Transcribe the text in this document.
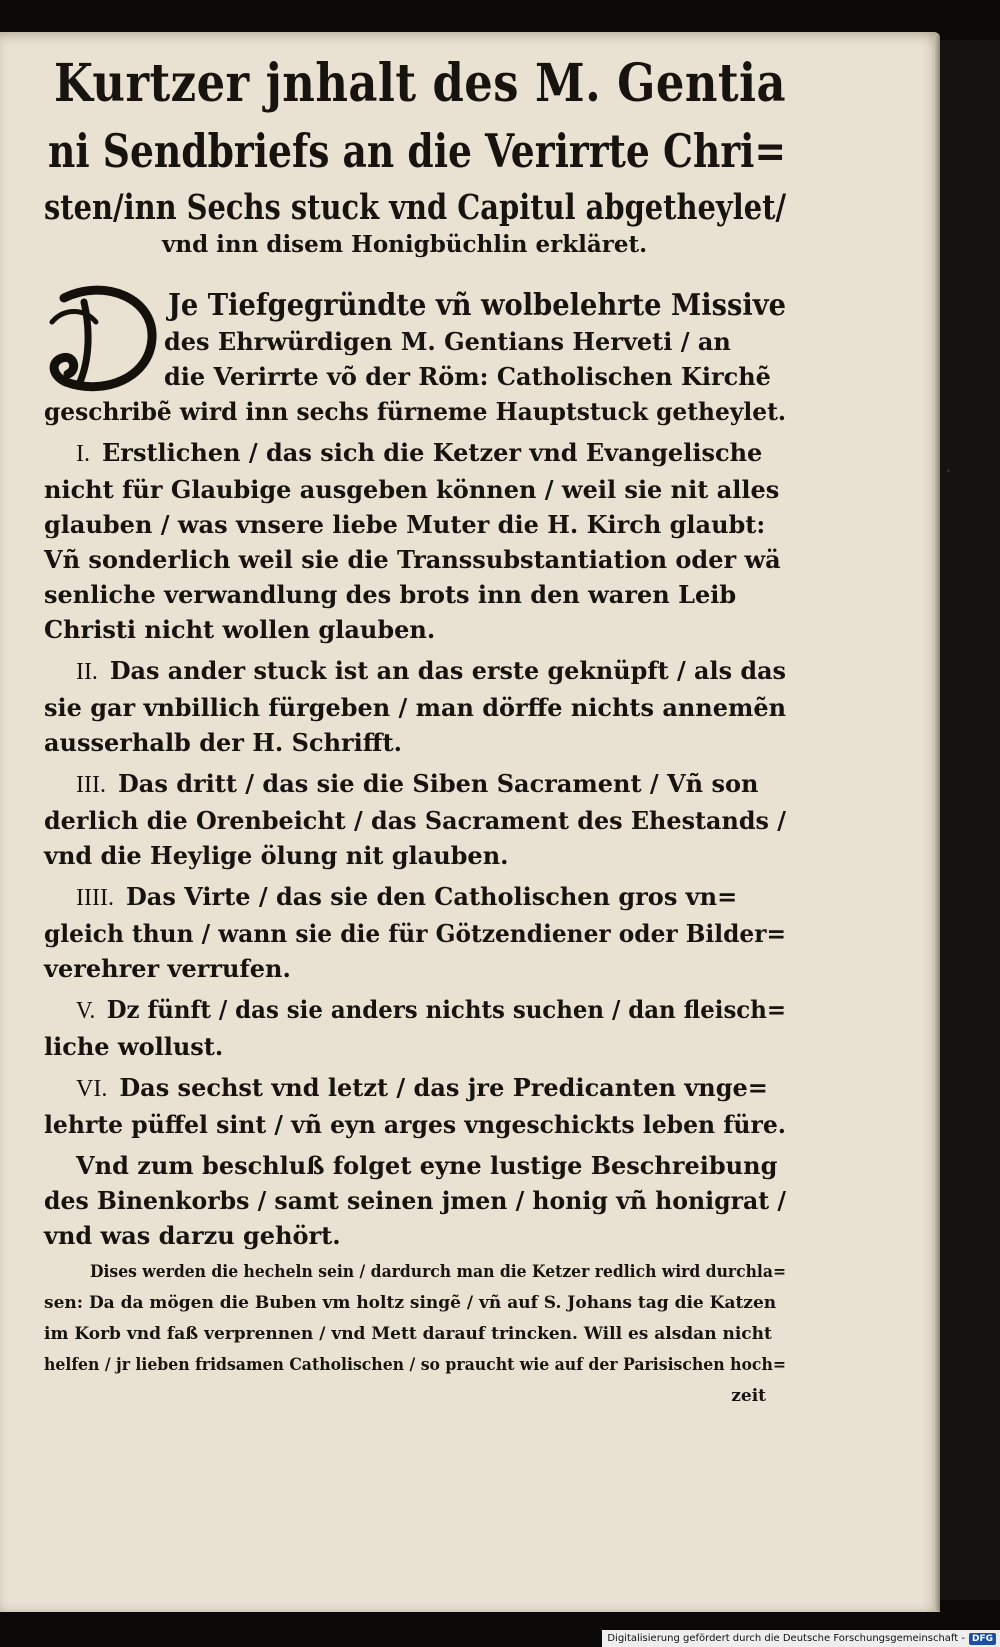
.

Kurtzer jnhalt des M. Gentia

ni Sendbriefs an die Verirrte Chri=

sten/inn Sechs stuck vnd Capitul abgetheylet/

vnd inn disem Honigbüchlin erkläret.

Je Tiefgegründte vñ wolbelehrte Missive

des Ehrwürdigen M. Gentians Herveti / an

die Verirrte võ der Röm: Catholischen Kirchẽ

geschribẽ wird inn sechs fürneme Hauptstuck getheylet.

I. Erstlichen / das sich die Ketzer vnd Evangelische

nicht für Glaubige ausgeben können / weil sie nit alles

glauben / was vnsere liebe Muter die H. Kirch glaubt:

Vñ sonderlich weil sie die Transsubstantiation oder wä

senliche verwandlung des brots inn den waren Leib

Christi nicht wollen glauben.

II. Das ander stuck ist an das erste geknüpft / als das

sie gar vnbillich fürgeben / man dörffe nichts annemẽn

ausserhalb der H. Schrifft.

III. Das dritt / das sie die Siben Sacrament / Vñ son

derlich die Orenbeicht / das Sacrament des Ehestands /

vnd die Heylige ölung nit glauben.

IIII. Das Virte / das sie den Catholischen gros vn=

gleich thun / wann sie die für Götzendiener oder Bilder=

verehrer verrufen.

V. Dz fünft / das sie anders nichts suchen / dan fleisch=

liche wollust.

VI. Das sechst vnd letzt / das jre Predicanten vnge=

lehrte püffel sint / vñ eyn arges vngeschickts leben füre.

Vnd zum beschluß folget eyne lustige Beschreibung

des Binenkorbs / samt seinen jmen / honig vñ honigrat /

vnd was darzu gehört.

Dises werden die hecheln sein / dardurch man die Ketzer redlich wird durchla=

sen: Da da mögen die Buben vm holtz singẽ / vñ auf S. Johans tag die Katzen

im Korb vnd faß verprennen / vnd Mett darauf trincken. Will es alsdan nicht

helfen / jr lieben fridsamen Catholischen / so praucht wie auf der Parisischen hoch=

zeit

Digitalisierung gefördert durch die Deutsche Forschungsgemeinschaft - DFG
